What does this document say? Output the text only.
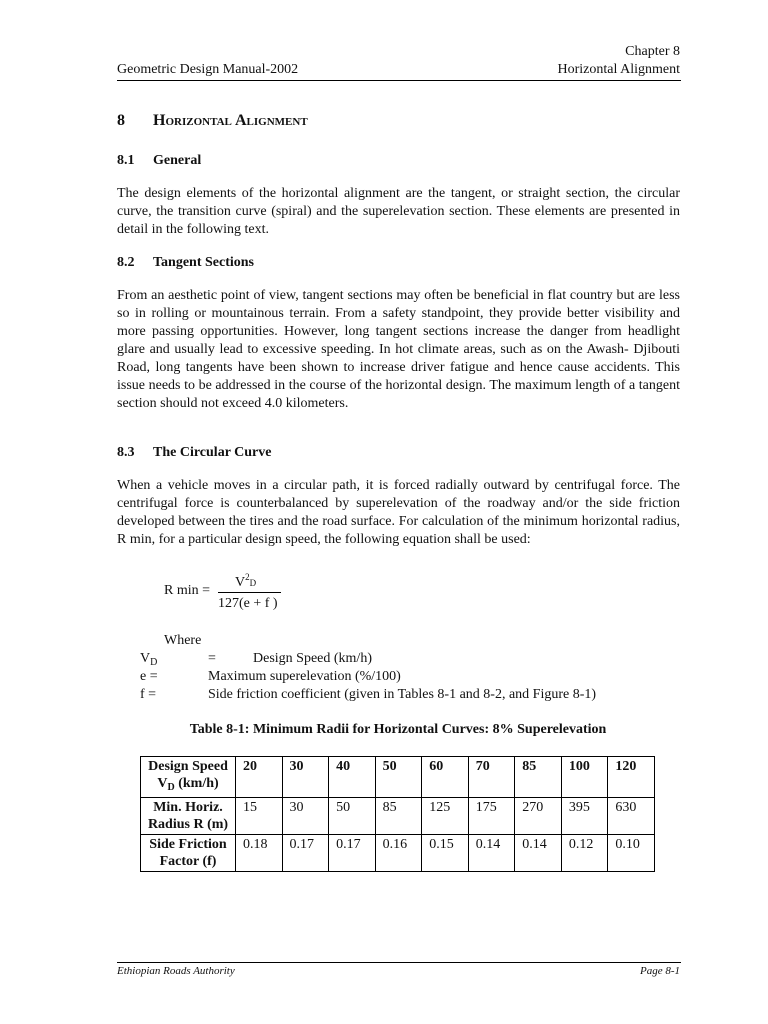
Chapter 8
Geometric Design Manual-2002	Horizontal Alignment
8 Horizontal Alignment
8.1 General

The design elements of the horizontal alignment are the tangent, or straight section, the circular curve, the transition curve (spiral) and the superelevation section. These elements are presented in detail in the following text.

8.2 Tangent Sections

From an aesthetic point of view, tangent sections may often be beneficial in flat country but are less so in rolling or mountainous terrain. From a safety standpoint, they provide better visibility and more passing opportunities. However, long tangent sections increase the danger from headlight glare and usually lead to excessive speeding. In hot climate areas, such as on the Awash- Djibouti Road, long tangents have been shown to increase driver fatigue and hence cause accidents. This issue needs to be addressed in the course of the horizontal design. The maximum length of a tangent section should not exceed 4.0 kilometers.

8.3 The Circular Curve

When a vehicle moves in a circular path, it is forced radially outward by centrifugal force. The centrifugal force is counterbalanced by superelevation of the roadway and/or the side friction developed between the tires and the road surface. For calculation of the minimum horizontal radius, R min, for a particular design speed, the following equation shall be used:

R min =
$V^2D$
127(e + f )
Where
$V_D$	=	Design Speed (km/h)
e =	Maximum superelevation (%/100)
f =	Side friction coefficient (given in Tables 8-1 and 8-2, and Figure 8-1)
Table 8-1: Minimum Radii for Horizontal Curves: 8% Superelevation
Design Speed
$V_D$ (km/h)	20	30	40	50	60	70	85	100	120
Min. Horiz.
Radius R (m)	15	30	50	85	125	175	270	395	630
Side Friction
Factor (f)	0.18	0.17	0.17	0.16	0.15	0.14	0.14	0.12	0.10
Ethiopian Roads Authority	Page 8-1
